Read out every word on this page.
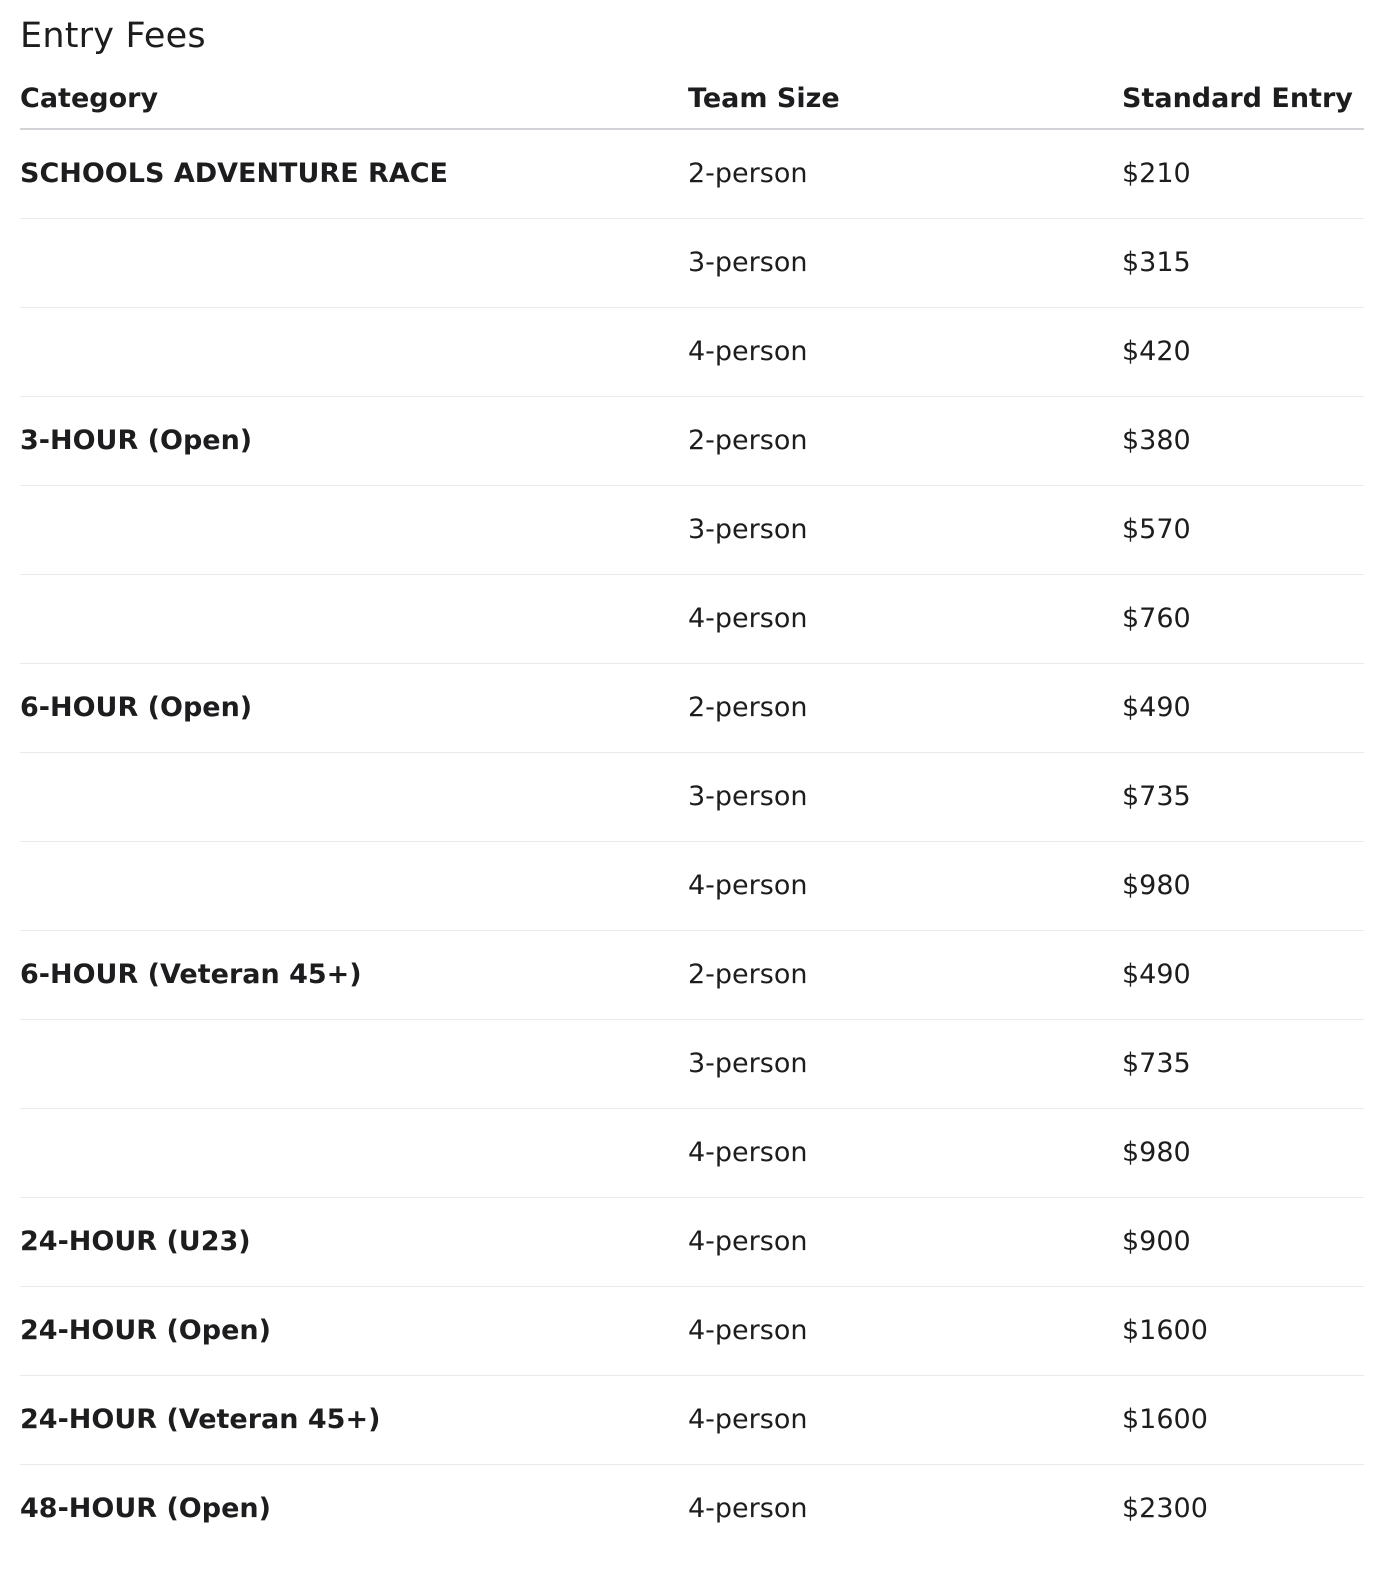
Entry Fees
Category	Team Size	Standard Entry
SCHOOLS ADVENTURE RACE	2-person	$210
	3-person	$315
	4-person	$420
3-HOUR (Open)	2-person	$380
	3-person	$570
	4-person	$760
6-HOUR (Open)	2-person	$490
	3-person	$735
	4-person	$980
6-HOUR (Veteran 45+)	2-person	$490
	3-person	$735
	4-person	$980
24-HOUR (U23)	4-person	$900
24-HOUR (Open)	4-person	$1600
24-HOUR (Veteran 45+)	4-person	$1600
48-HOUR (Open)	4-person	$2300
